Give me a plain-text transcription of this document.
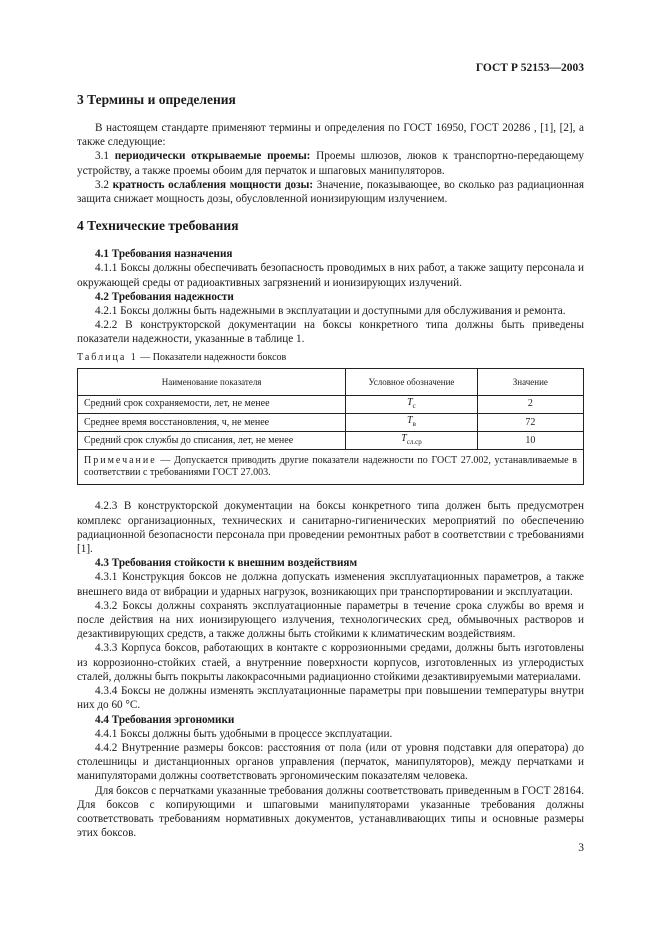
ГОСТ Р 52153—2003
3 Термины и определения

В настоящем стандарте применяют термины и определения по ГОСТ 16950, ГОСТ 20286 , [1], [2], а также следующие:

3.1 периодически открываемые проемы: Проемы шлюзов, люков к транспортно-передающему устройству, а также проемы обоим для перчаток и шпаговых манипуляторов.

3.2 кратность ослабления мощности дозы: Значение, показывающее, во сколько раз радиационная защита снижает мощность дозы, обусловленной ионизирующим излучением.

4 Технические требования

4.1 Требования назначения

4.1.1 Боксы должны обеспечивать безопасность проводимых в них работ, а также защиту персонала и окружающей среды от радиоактивных загрязнений и ионизирующих излучений.

4.2 Требования надежности

4.2.1 Боксы должны быть надежными в эксплуатации и доступными для обслуживания и ремонта.

4.2.2 В конструкторской документации на боксы конкретного типа должны быть приведены показатели надежности, указанные в таблице 1.

Таблица 1 — Показатели надежности боксов
Наименование показателя	Условное обозначение	Значение
Средний срок сохраняемости, лет, не менее	$T_с$	2
Среднее время восстановления, ч, не менее	$T_в$	72
Средний срок службы до списания, лет, не менее	$T_{сл.ср}$	10
Примечание — Допускается приводить другие показатели надежности по ГОСТ 27.002, устанавливаемые в соответствии с требованиями ГОСТ 27.003.		

4.2.3 В конструкторской документации на боксы конкретного типа должен быть предусмотрен комплекс организационных, технических и санитарно-гигиенических мероприятий по обеспечению радиационной безопасности персонала при проведении ремонтных работ в соответствии с требованиями [1].

4.3 Требования стойкости к внешним воздействиям

4.3.1 Конструкция боксов не должна допускать изменения эксплуатационных параметров, а также внешнего вида от вибрации и ударных нагрузок, возникающих при транспортировании и эксплуатации.

4.3.2 Боксы должны сохранять эксплуатационные параметры в течение срока службы во время и после действия на них ионизирующего излучения, технологических сред, обмывочных растворов и дезактивирующих средств, а также должны быть стойкими к климатическим воздействиям.

4.3.3 Корпуса боксов, работающих в контакте с коррозионными средами, должны быть изготовлены из коррозионно-стойких стаей, а внутренние поверхности корпусов, изготовленных из углеродистых сталей, должны быть покрыты лакокрасочными радиационно стойкими дезактивируемыми материалами.

4.3.4 Боксы не должны изменять эксплуатационные параметры при повышении температуры внутри них до 60 °С.

4.4 Требования эргономики

4.4.1 Боксы должны быть удобными в процессе эксплуатации.

4.4.2 Внутренние размеры боксов: расстояния от пола (или от уровня подставки для оператора) до столешницы и дистанционных органов управления (перчаток, манипуляторов), между перчатками и манипуляторами должны соответствовать эргономическим показателям человека.

Для боксов с перчатками указанные требования должны соответствовать приведенным в ГОСТ 28164. Для боксов с копирующими и шпаговыми манипуляторами указанные требования должны соответствовать требованиям нормативных документов, устанавливающих типы и основные размеры этих боксов.

3
